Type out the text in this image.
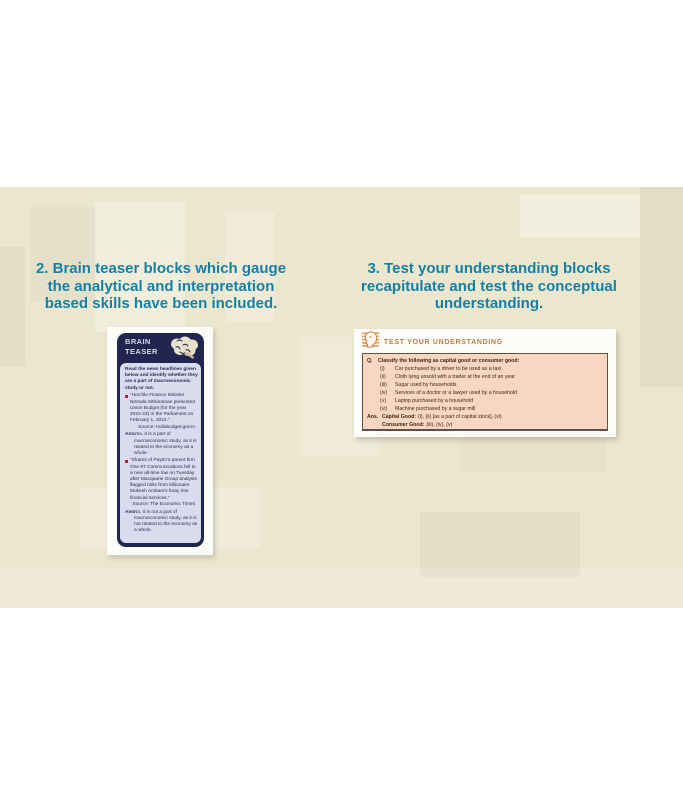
2. Brain teaser blocks which gauge
the analytical and interpretation
based skills have been included.
3. Test your understanding blocks
recapitulate and test the conceptual
understanding.
BRAIN
TEASER
Read the news headlines given below and identify whether they are a part of macroeconomic study or not.
“Hon’ble Finance Minister Nirmala Sitharaman presented Union Budget (for the year 2022-23) in the Parliament on February 1, 2022.”
Source: Indiabudget.gov.in
Ans.
Yes, it is a part of macroeconomic study, as it is related to the economy as a whole.
“Shares of Paytm’s parent firm One 97 Communications fell to a new all-time low on Tuesday after Macquarie Group analysts flagged risks from billionaire Mukesh Ambani’s foray into financial services.”
Source: The Economic Times
Ans.
No, it is not a part of macroeconomic study, as it is not related to the economy as a whole.
TEST YOUR UNDERSTANDING
Q.	Classify the following as capital good or consumer good:
(i)	Car purchased by a driver to be used as a taxi
(ii)	Cloth lying unsold with a trader at the end of an year
(iii)	Sugar used by households
(iv)	Services of a doctor or a lawyer used by a household
(v)	Laptop purchased by a household
(vi)	Machine purchased by a sugar mill
Ans. Capital Good: (i), (ii) [as a part of capital stock], (vi)
Consumer Good: (iii), (iv), (v)
